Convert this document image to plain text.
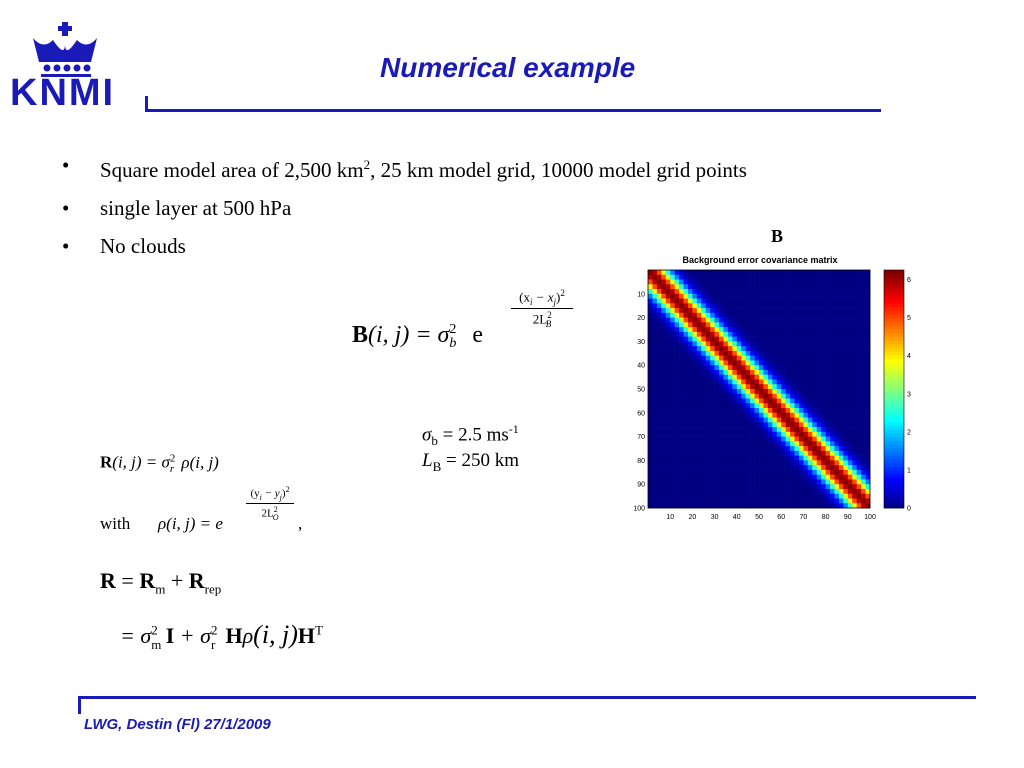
KNMI
Numerical example
•	Square model area of 2,500 $km^2$, 25 km model grid, 10000 model grid points
•	single layer at 500 hPa
•	No clouds
B(i, $j) = \sigma^2$
b e
$(x_i - x_j)^2$
$2L^2_B$
$\sigma_b = 2.5$ $ms^{-1}$
$L_B = 250$ km
R(i, $j) = \sigma^2$
r ρ(i, j)
with ρ(i, j) = e
$(y_i - y_j)^2$
$2L^2_O$	,
$R = R_m + R_{rep}$
= $\sigma^2$
m $I + \sigma^2$
r Hρ(i, $j)H^T$
B
Background error covariance matrix
10 20 30 40 50 60 70 80 90 100
10
20
30
40
50
60
70
80
90
100	0
1
2
3
4
5
6
LWG, Destin (Fl) 27/1/2009
